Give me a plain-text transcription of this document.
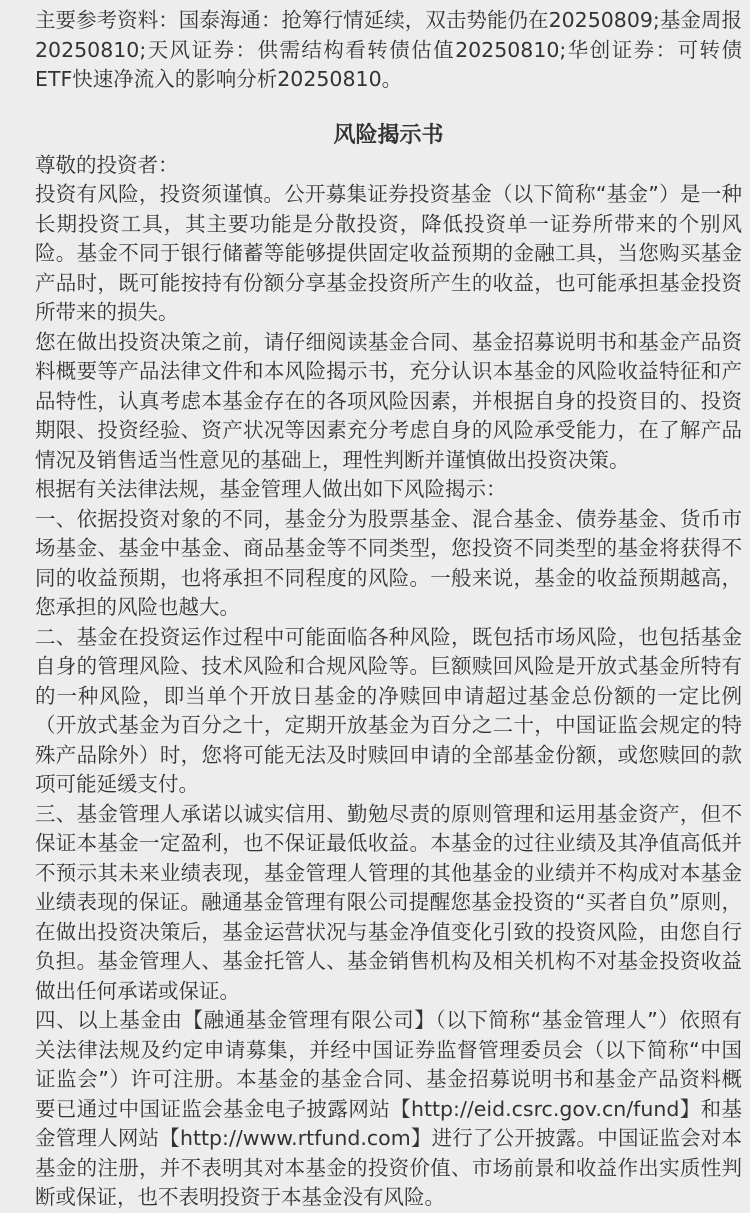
主要参考资料：国泰海通：抢筹行情延续，双击势能仍在20250809;基金周报20250810;天风证券：供需结构看转债估值20250810;华创证券：可转债ETF快速净流入的影响分析20250810。

风险揭示书

尊敬的投资者：

投资有风险，投资须谨慎。公开募集证券投资基金（以下简称“基金”）是一种长期投资工具，其主要功能是分散投资，降低投资单一证券所带来的个别风险。基金不同于银行储蓄等能够提供固定收益预期的金融工具，当您购买基金产品时，既可能按持有份额分享基金投资所产生的收益，也可能承担基金投资所带来的损失。

您在做出投资决策之前，请仔细阅读基金合同、基金招募说明书和基金产品资料概要等产品法律文件和本风险揭示书，充分认识本基金的风险收益特征和产品特性，认真考虑本基金存在的各项风险因素，并根据自身的投资目的、投资期限、投资经验、资产状况等因素充分考虑自身的风险承受能力，在了解产品情况及销售适当性意见的基础上，理性判断并谨慎做出投资决策。

根据有关法律法规，基金管理人做出如下风险揭示：

一、依据投资对象的不同，基金分为股票基金、混合基金、债券基金、货币市场基金、基金中基金、商品基金等不同类型，您投资不同类型的基金将获得不同的收益预期，也将承担不同程度的风险。一般来说，基金的收益预期越高，您承担的风险也越大。

二、基金在投资运作过程中可能面临各种风险，既包括市场风险，也包括基金自身的管理风险、技术风险和合规风险等。巨额赎回风险是开放式基金所特有的一种风险，即当单个开放日基金的净赎回申请超过基金总份额的一定比例（开放式基金为百分之十，定期开放基金为百分之二十，中国证监会规定的特殊产品除外）时，您将可能无法及时赎回申请的全部基金份额，或您赎回的款项可能延缓支付。

三、基金管理人承诺以诚实信用、勤勉尽责的原则管理和运用基金资产，但不保证本基金一定盈利，也不保证最低收益。本基金的过往业绩及其净值高低并不预示其未来业绩表现，基金管理人管理的其他基金的业绩并不构成对本基金业绩表现的保证。融通基金管理有限公司提醒您基金投资的“买者自负”原则，在做出投资决策后，基金运营状况与基金净值变化引致的投资风险，由您自行负担。基金管理人、基金托管人、基金销售机构及相关机构不对基金投资收益做出任何承诺或保证。

四、以上基金由【融通基金管理有限公司】（以下简称“基金管理人”）依照有关法律法规及约定申请募集，并经中国证券监督管理委员会（以下简称“中国证监会”）许可注册。本基金的基金合同、基金招募说明书和基金产品资料概要已通过中国证监会基金电子披露网站【http://eid.csrc.gov.cn/fund】和基金管理人网站【http://www.rtfund.com】进行了公开披露。中国证监会对本基金的注册，并不表明其对本基金的投资价值、市场前景和收益作出实质性判断或保证，也不表明投资于本基金没有风险。
